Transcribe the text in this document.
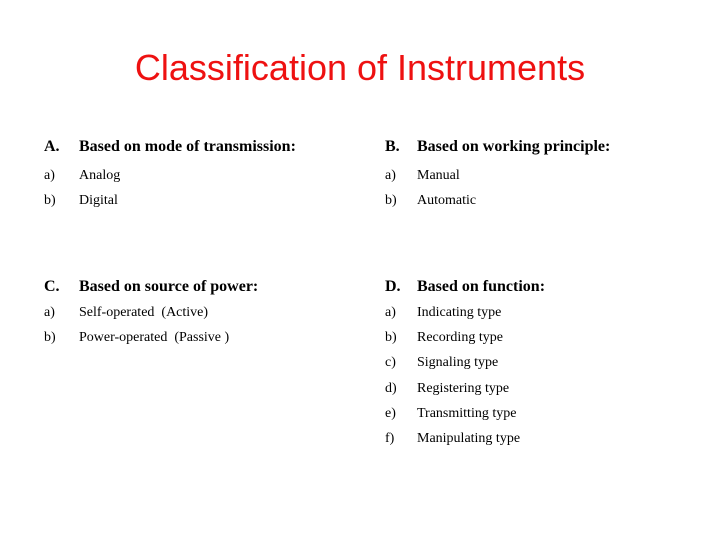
Classification of Instruments
A.	Based on mode of transmission:
a)	Analog
b)	Digital
B.	Based on working principle:
a)	Manual
b)	Automatic
C.	Based on source of power:
a)	Self-operated  (Active)
b)	Power-operated  (Passive )
D.	Based on function:
a)	Indicating type
b)	Recording type
c)	Signaling type
d)	Registering type
e)	Transmitting type
f)	Manipulating type
